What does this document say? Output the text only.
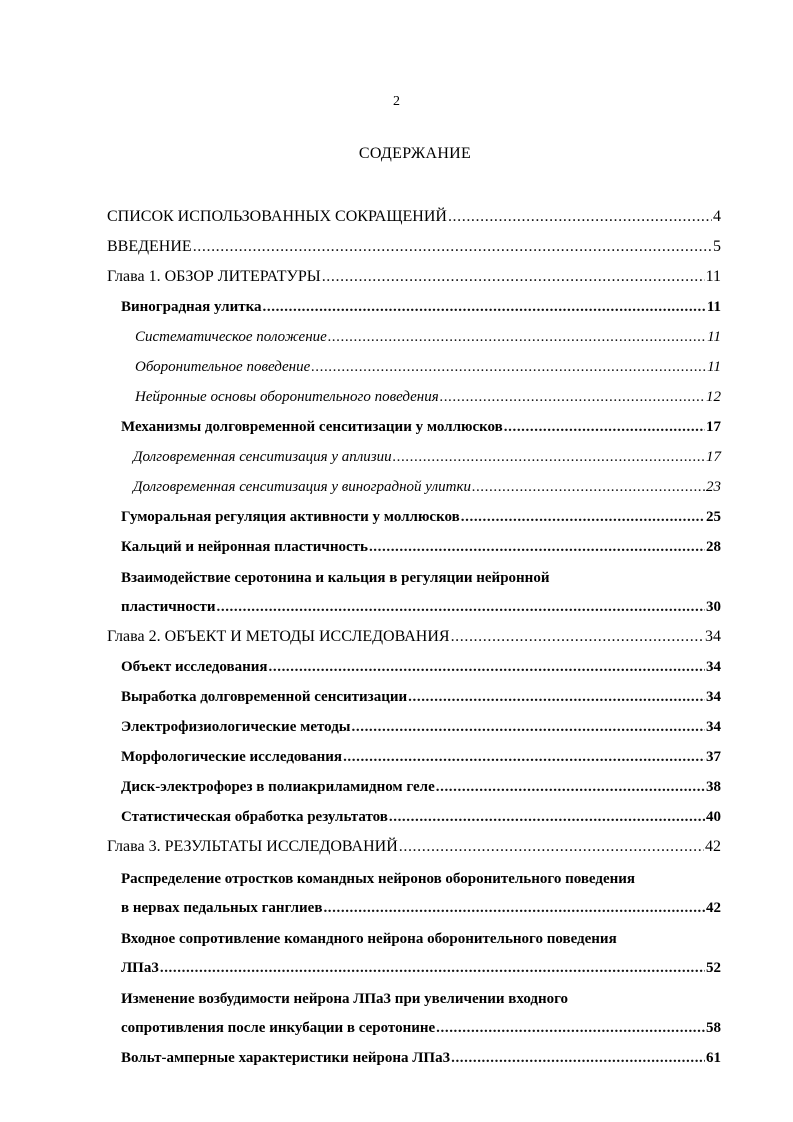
2
СОДЕРЖАНИЕ
СПИСОК ИСПОЛЬЗОВАННЫХ СОКРАЩЕНИЙ .....	4
ВВЕДЕНИЕ .....	5
Глава 1. ОБЗОР ЛИТЕРАТУРЫ .....	11
Виноградная улитка .....	11
Систематическое положение .....	11
Оборонительное поведение .....	11
Нейронные основы оборонительного поведения .....	12
Механизмы долговременной сенситизации у моллюсков .....	17
Долговременная сенситизация у аплизии .....	17
Долговременная сенситизация у виноградной улитки .....	23
Гуморальная регуляция активности у моллюсков .....	25
Кальций и нейронная пластичность .....	28
Взаимодействие серотонина и кальция в регуляции нейронной
пластичности .....	30
Глава 2. ОБЪЕКТ И МЕТОДЫ ИССЛЕДОВАНИЯ .....	34
Объект исследования .....	34
Выработка долговременной сенситизации .....	34
Электрофизиологические методы .....	34
Морфологические исследования .....	37
Диск-электрофорез в полиакриламидном геле .....	38
Статистическая обработка результатов .....	40
Глава 3. РЕЗУЛЬТАТЫ ИССЛЕДОВАНИЙ .....	42
Распределение отростков командных нейронов оборонительного поведения
в нервах педальных ганглиев .....	42
Входное сопротивление командного нейрона оборонительного поведения
ЛПа3 .....	52
Изменение возбудимости нейрона ЛПа3 при увеличении входного
сопротивления после инкубации в серотонине .....	58
Вольт-амперные характеристики нейрона ЛПа3 .....	61
